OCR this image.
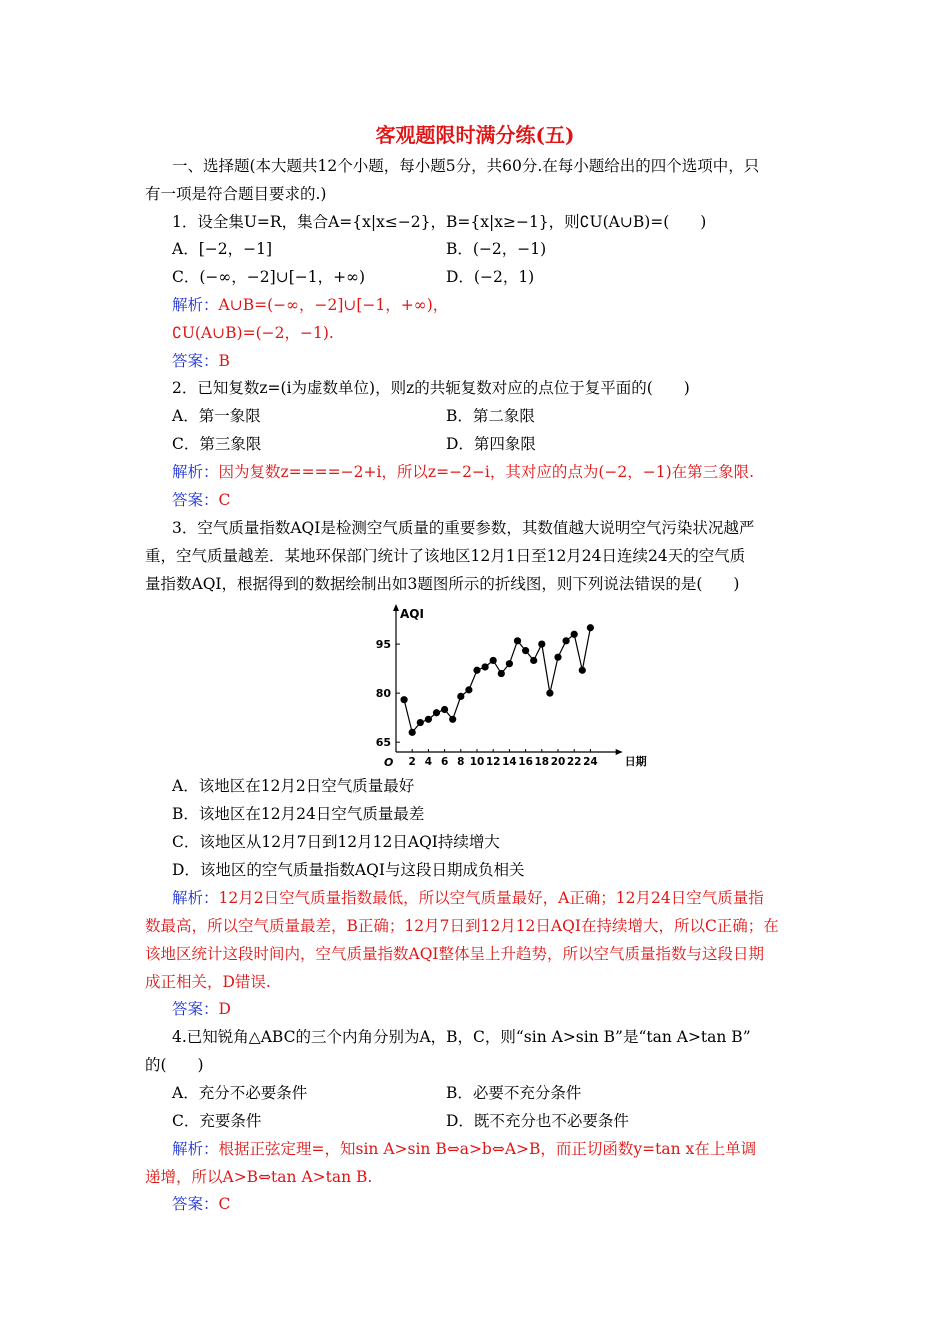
客观题限时满分练(五)
一、选择题(本大题共12个小题，每小题5分，共60分.在每小题给出的四个选项中，只
有一项是符合题目要求的.)
1．设全集U=R，集合A={x|x≤−2}，B={x|x≥−1}，则∁U(A∪B)=(　　)
A．[−2，−1]	B．(−2，−1)
C．(−∞，−2]∪[−1，+∞)	D．(−2，1)
解析：A∪B=(−∞，−2]∪[−1，+∞)，
∁U(A∪B)=(−2，−1).
答案：B
2．已知复数z=(i为虚数单位)，则z的共轭复数对应的点位于复平面的(　　)
A．第一象限	B．第二象限
C．第三象限	D．第四象限
解析：因为复数z====−2+i，所以z=−2−i，其对应的点为(−2，−1)在第三象限.
答案：C
3．空气质量指数AQI是检测空气质量的重要参数，其数值越大说明空气污染状况越严
重，空气质量越差．某地环保部门统计了该地区12月1日至12月24日连续24天的空气质
量指数AQI，根据得到的数据绘制出如3题图所示的折线图，则下列说法错误的是(　　)
AQI
日期
O
65
80
95
2 4 6 8 10 12 14 16 18 20 22 24
A．该地区在12月2日空气质量最好
B．该地区在12月24日空气质量最差
C．该地区从12月7日到12月12日AQI持续增大
D．该地区的空气质量指数AQI与这段日期成负相关
解析：12月2日空气质量指数最低，所以空气质量最好，A正确；12月24日空气质量指
数最高，所以空气质量最差，B正确；12月7日到12月12日AQI在持续增大，所以C正确；在
该地区统计这段时间内，空气质量指数AQI整体呈上升趋势，所以空气质量指数与这段日期
成正相关，D错误.
答案：D
4.已知锐角△ABC的三个内角分别为A，B，C，则“sin A>sin B”是“tan A>tan B”
的(　　)
A．充分不必要条件	B．必要不充分条件
C．充要条件	D．既不充分也不必要条件
解析：根据正弦定理=，知sin A>sin B⇔a>b⇔A>B，而正切函数y=tan x在上单调
递增，所以A>B⇔tan A>tan B.
答案：C
